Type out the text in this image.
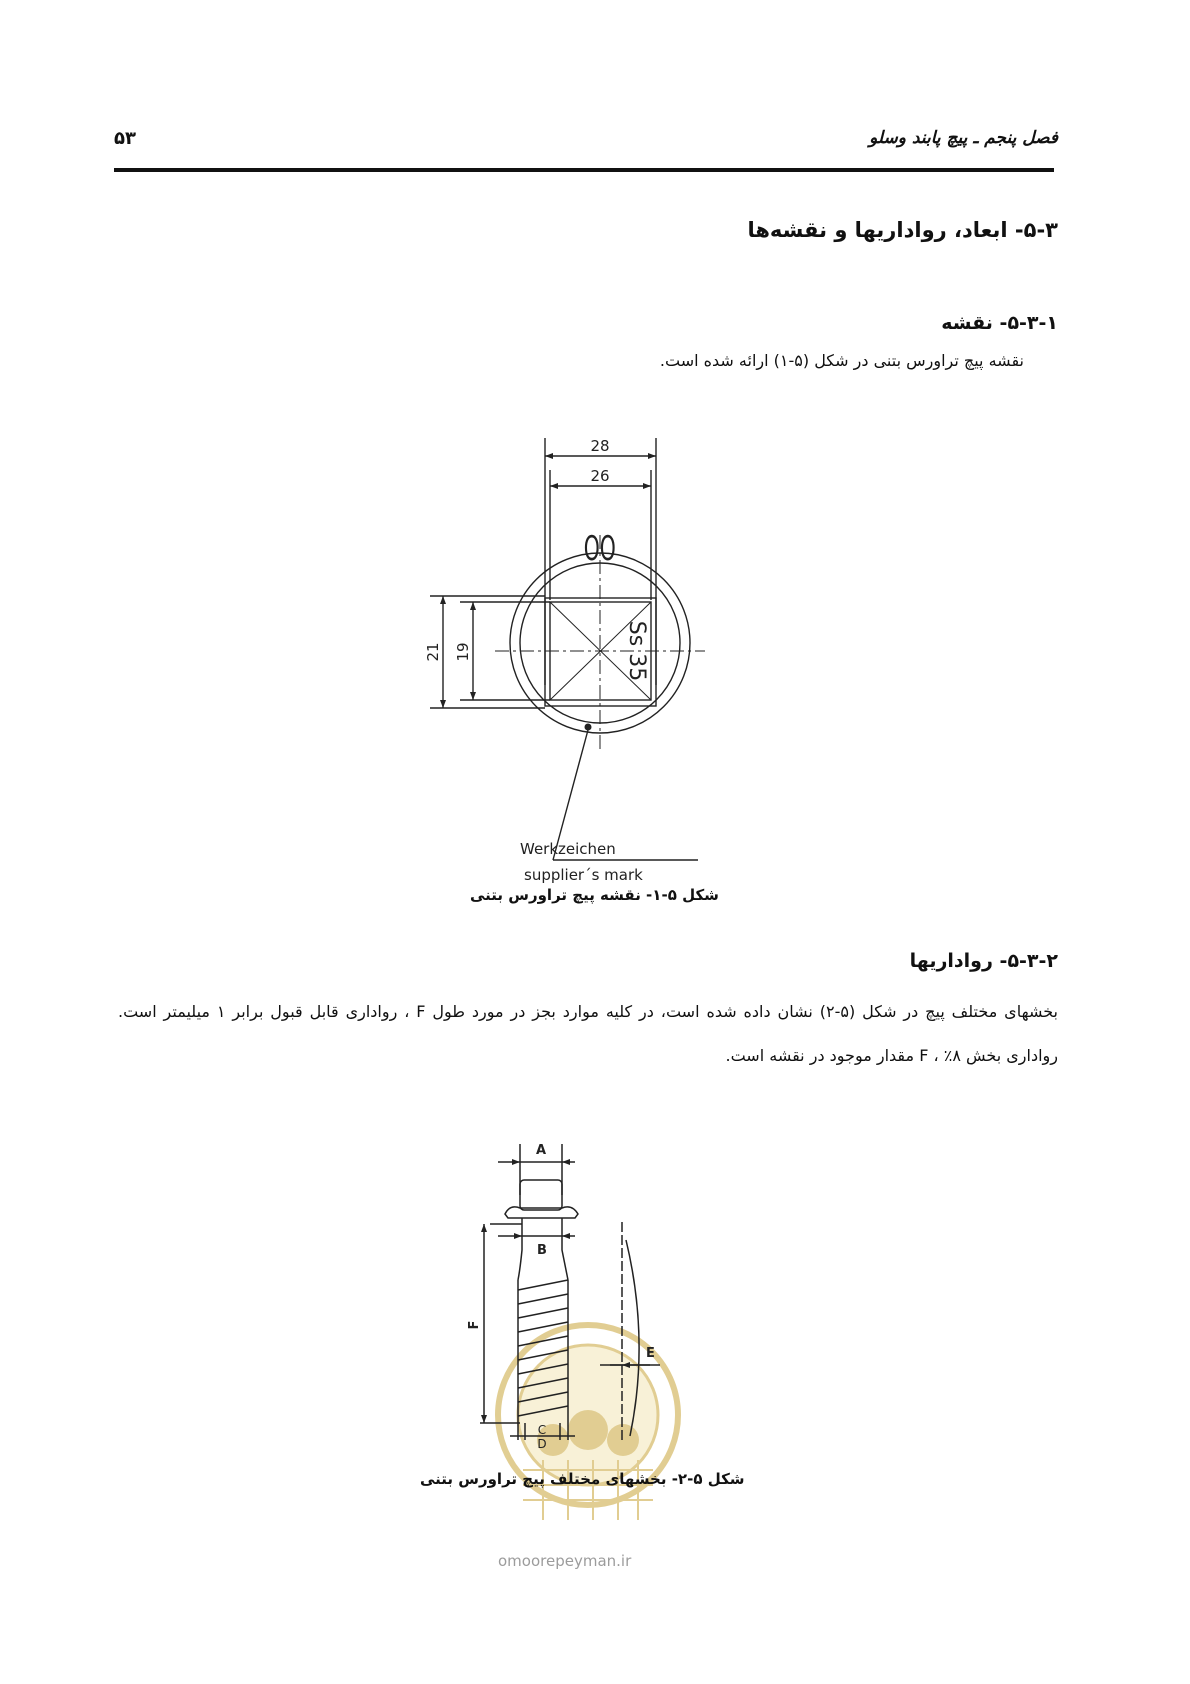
فصل پنجم ـ پیچ پابند وسلو
۵۳
۵-۳- ابعاد، رواداریها و نقشه‌ها
۵-۳-۱- نقشه
نقشه پیچ تراورس بتنی در شکل (۵-۱) ارائه شده است.
28
26
21 19
OO
Ss 35
Werkzeichen
supplier´s mark
شکل ۵-۱- نقشه پیچ تراورس بتنی
۵-۳-۲- رواداریها
بخشهای مختلف پیچ در شکل (۵-۲) نشان داده شده است، در کلیه موارد بجز در مورد طول F ، رواداری قابل قبول برابر ۱ میلیمتر است. رواداری بخش F ، ٪۸ مقدار موجود در نقشه است.
A
B
F
E
C
D
شکل ۵-۲- بخشهای مختلف پیچ تراورس بتنی
omoorepeyman.ir
